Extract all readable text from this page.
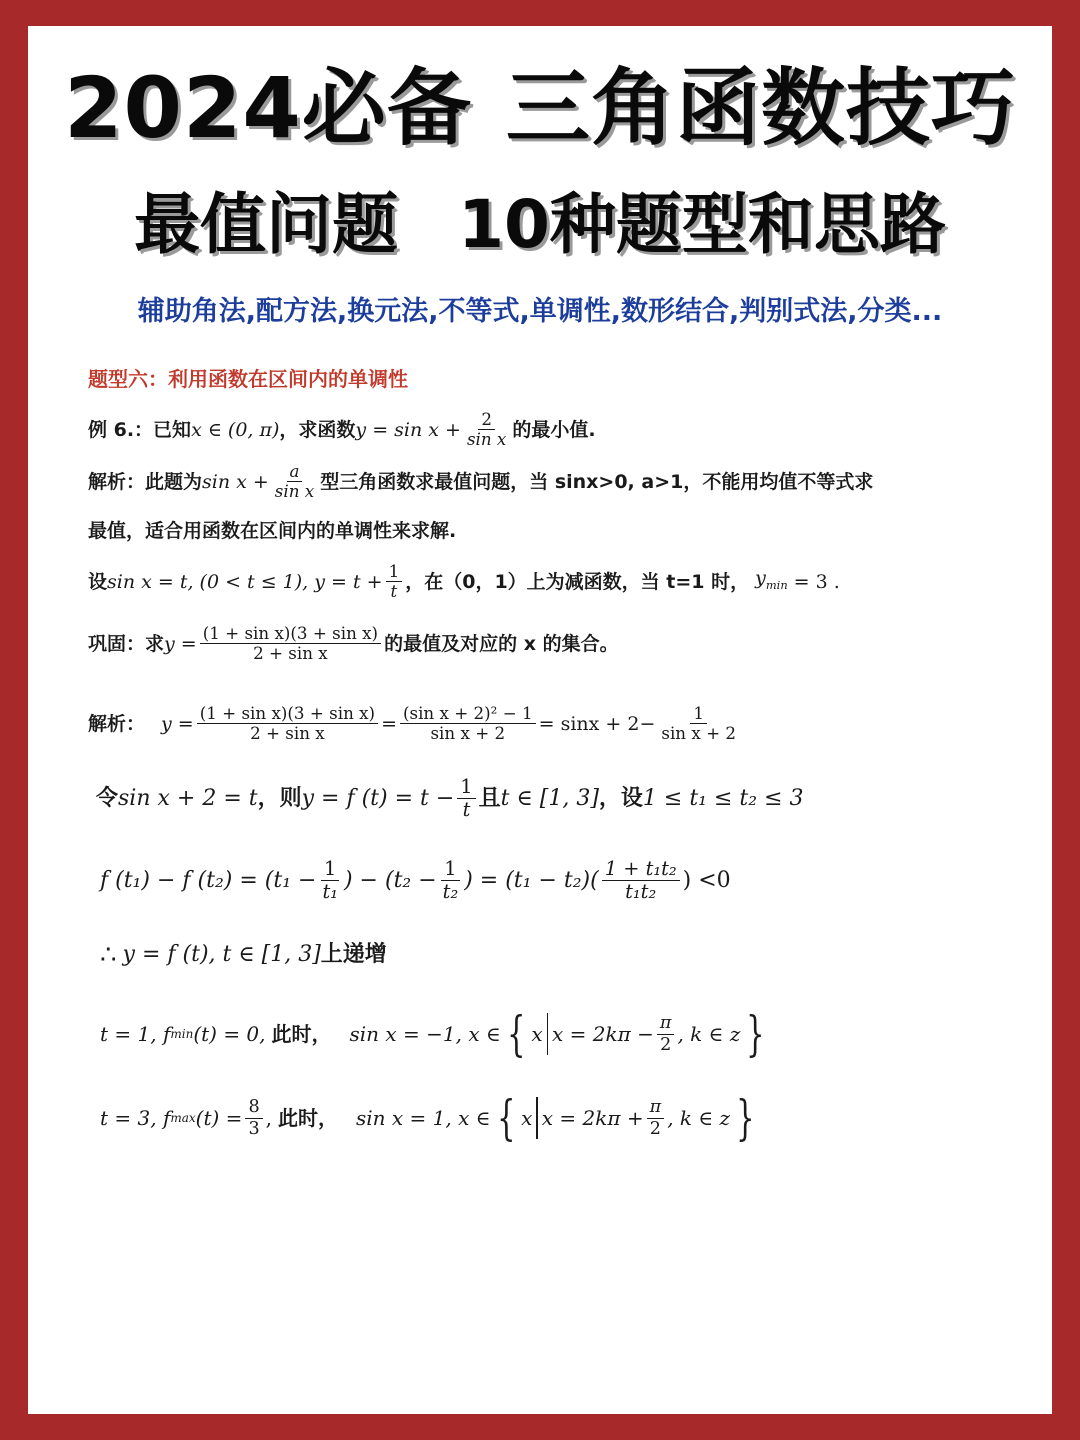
2024必备 三角函数技巧
最值问题 10种题型和思路
辅助角法,配方法,换元法,不等式,单调性,数形结合,判别式法,分类...
题型六：利用函数在区间内的单调性
例 6.：已知 x ∈ (0, π) ，求函数 $y = \sin x + \frac{2}{\text{sin x}}$ 的最小值.
解析：此题为 $\sin x + \frac{a}{\text{sin x}}$ 型三角函数求最值问题，当 sinx>0, a>1，不能用均值不等式求
最值，适合用函数在区间内的单调性来求解.
设 sin x = t, (0 < t ≤ 1), $y = t + \frac{1}{t}$ ，在（0，1）上为减函数，当 t=1 时， $y_{min} = 3$ .
巩固：求 $y = \frac{\text{(1 + sin x)(3 + sin x)}}{\text{2 + sin x}}$ 的最值及对应的 x 的集合。
解析： $y = \frac{\text{(1 + sin x)(3 + sin x)}}{\text{2 + sin x}} = \frac{\text{(sin x + 2)² − 1}}{\text{sin x + 2}} = \sin x + 2- \frac{1}{\text{sin x + 2}}$
令 sin x + 2 = t ，则 y = f $(t) = t - \frac{1}{t}$ 且 t ∈ [1, 3] ，设 1 ≤ t₁ ≤ t₂ ≤ 3
f (t₁) − f $(t_2) = (t_1 - \frac{1}{\text{t₁}}$ ) − ($t_2 - \frac{1}{\text{t₂}}$ ) = $(t_1 - t_2)( \frac{\text{1 + t₁t₂}}{\text{t₁t₂}}$ ) <0
∴ y = f (t), t ∈ [1, 3] 上递增
t = 1, f min (t) = 0, 此时， sin x = −1, x ∈ { x $x = 2k\pi - \frac{\pi}{2}$ , k ∈ z }
t = 3, f $\max (t) = \frac{8}{3}$ , 此时， sin x = 1, x ∈ { x $x = 2k\pi + \frac{\pi}{2}$ , k ∈ z }
